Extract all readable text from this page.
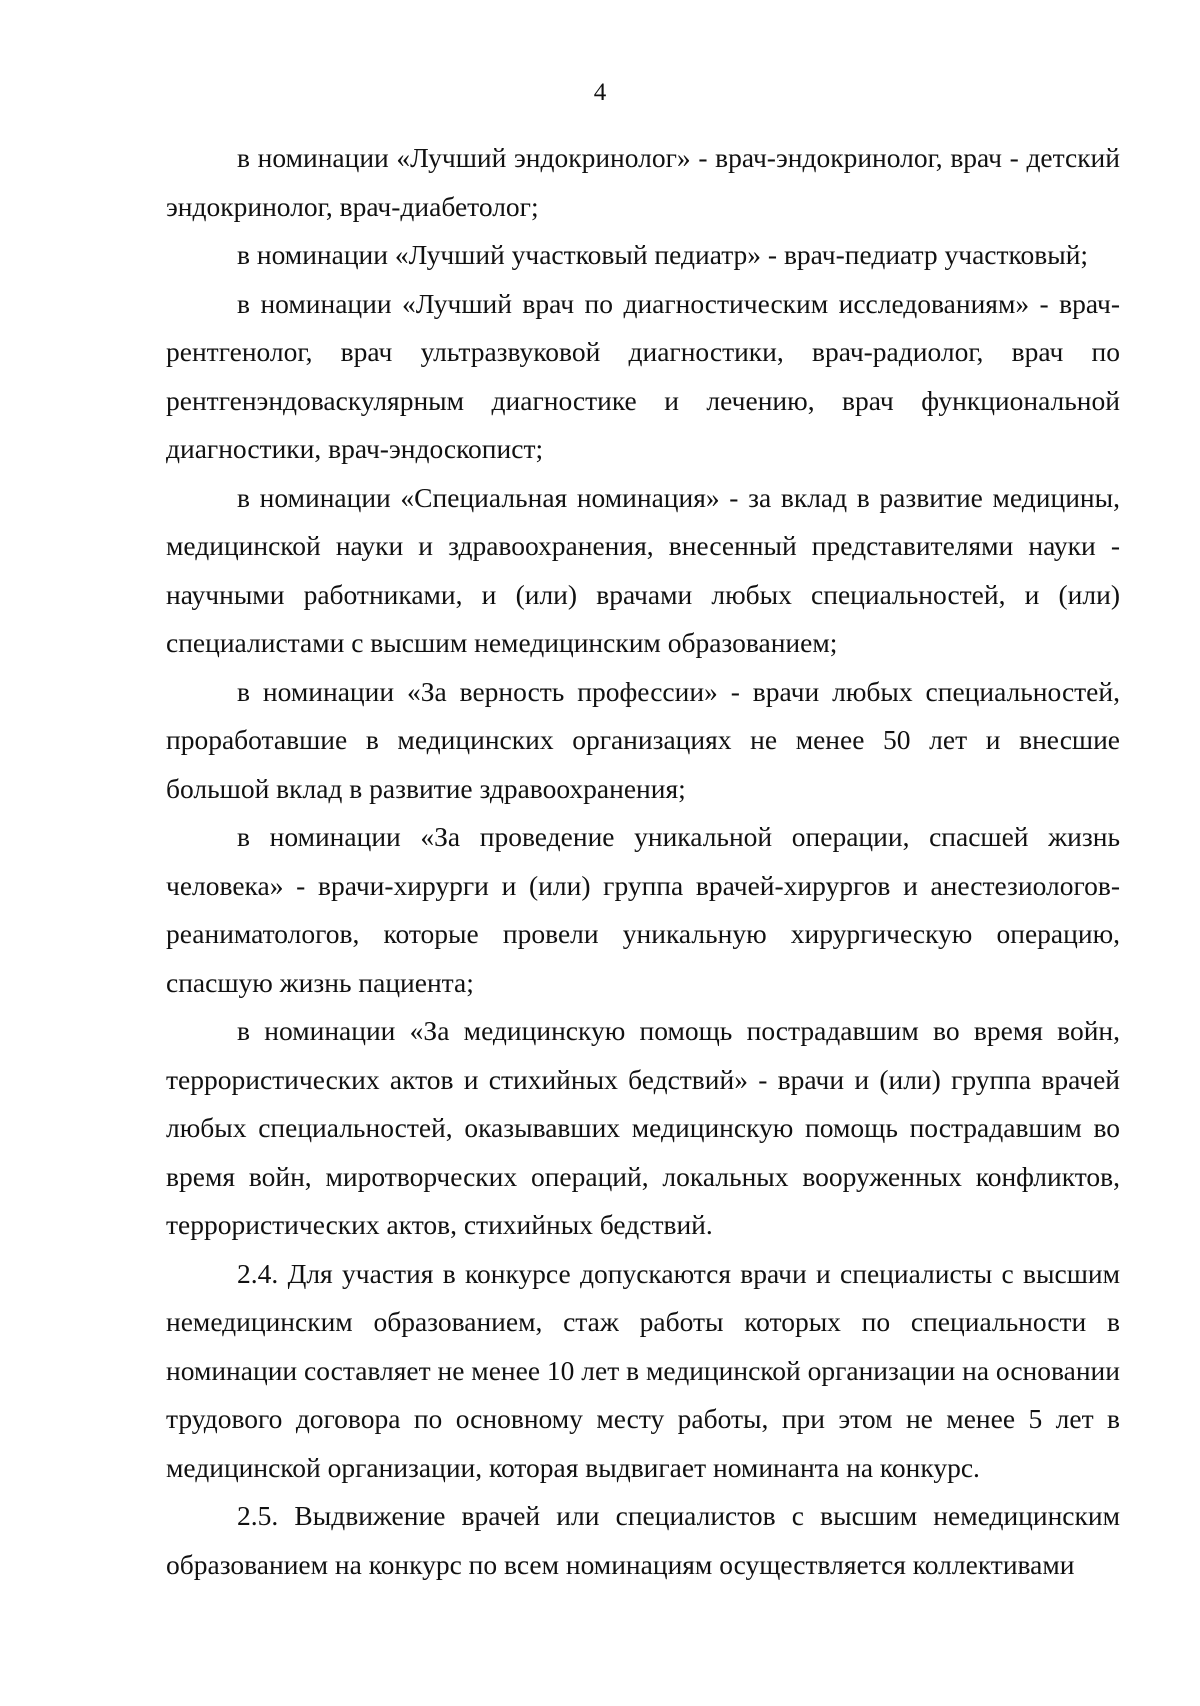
4

в номинации «Лучший эндокринолог» - врач-эндокринолог, врач - детский эндокринолог, врач-диабетолог;

в номинации «Лучший участковый педиатр» - врач-педиатр участковый;

в номинации «Лучший врач по диагностическим исследованиям» - врач-рентгенолог, врач ультразвуковой диагностики, врач-радиолог, врач по рентгенэндоваскулярным диагностике и лечению, врач функциональной диагностики, врач-эндоскопист;

в номинации «Специальная номинация» - за вклад в развитие медицины, медицинской науки и здравоохранения, внесенный представителями науки - научными работниками, и (или) врачами любых специальностей, и (или) специалистами с высшим немедицинским образованием;

в номинации «За верность профессии» - врачи любых специальностей, проработавшие в медицинских организациях не менее 50 лет и внесшие большой вклад в развитие здравоохранения;

в номинации «За проведение уникальной операции, спасшей жизнь человека» - врачи-хирурги и (или) группа врачей-хирургов и анестезиологов-реаниматологов, которые провели уникальную хирургическую операцию, спасшую жизнь пациента;

в номинации «За медицинскую помощь пострадавшим во время войн, террористических актов и стихийных бедствий» - врачи и (или) группа врачей любых специальностей, оказывавших медицинскую помощь пострадавшим во время войн, миротворческих операций, локальных вооруженных конфликтов, террористических актов, стихийных бедствий.

2.4. Для участия в конкурсе допускаются врачи и специалисты с высшим немедицинским образованием, стаж работы которых по специальности в номинации составляет не менее 10 лет в медицинской организации на основании трудового договора по основному месту работы, при этом не менее 5 лет в медицинской организации, которая выдвигает номинанта на конкурс.

2.5. Выдвижение врачей или специалистов с высшим немедицинским образованием на конкурс по всем номинациям осуществляется коллективами
